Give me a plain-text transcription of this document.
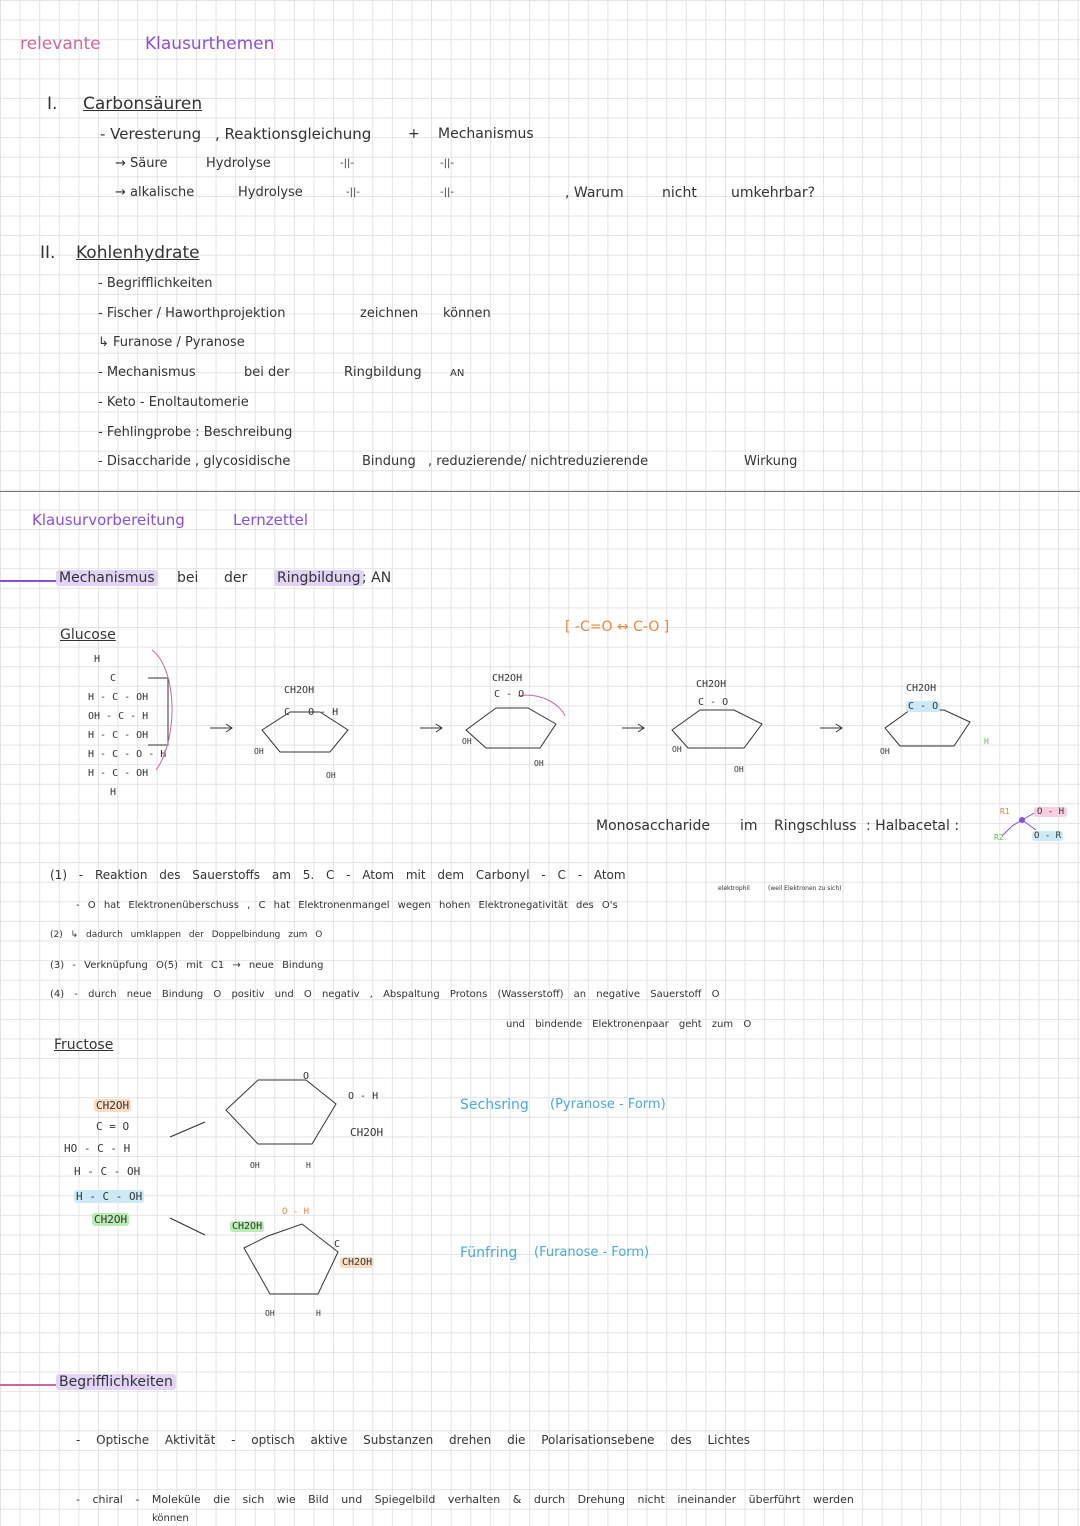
relevante	Klausurthemen
I. Carbonsäuren
- Veresterung , Reaktionsgleichung	+ Mechanismus
→ Säure	Hydrolyse	-||-	-||-
→ alkalische	Hydrolyse	-||-	-||-	, Warum	nicht umkehrbar?
II. Kohlenhydrate
- Begrifflichkeiten
- Fischer / Haworthprojektion	zeichnen können
↳ Furanose / Pyranose
- Mechanismus	bei der	Ringbildung	AN
- Keto - Enoltautomerie
- Fehlingprobe : Beschreibung
- Disaccharide , glycosidische	Bindung , reduzierende/ nichtreduzierende	Wirkung
Klausurvorbereitung	Lernzettel
Mechanismus bei der Ringbildung ; AN
Glucose
H
C
H - C - OH
OH - C - H
H - C - OH
H - C - O - H
H - C - OH
H
[ -C=O ↔ C-O ]
CH2OH
C - O - H
OH
OH
CH2OH
C - O
OH
OH
CH2OH
C - O
OH
OH
CH2OH
C - O
OH
H
Monosaccharide im Ringschluss : Halbacetal :
R1
R2
O - H
O - R
(1) - Reaktion des Sauerstoffs am 5. C - Atom mit dem Carbonyl - C - Atom
elektrophil	(weil Elektronen zu sich)
- O hat Elektronenüberschuss , C hat Elektronenmangel wegen hohen Elektronegativität des O's
(2) ↳ dadurch umklappen der Doppelbindung zum O
(3) - Verknüpfung O(5) mit C1 → neue Bindung
(4) - durch neue Bindung O positiv und O negativ , Abspaltung Protons (Wasserstoff) an negative Sauerstoff O
und bindende Elektronenpaar geht zum O
Fructose
CH2OH
C = O
HO - C - H
H - C - OH
H - C - OH
CH2OH
O
O - H
CH2OH
OH	H
CH2OH
O - H
C
CH2OH
OH	H
Sechsring (Pyranose - Form)
Fünfring (Furanose - Form)
Begrifflichkeiten
- Optische Aktivität - optisch aktive Substanzen drehen die Polarisationsebene des Lichtes
- chiral - Moleküle die sich wie Bild und Spiegelbild verhalten & durch Drehung nicht ineinander überführt werden
können
